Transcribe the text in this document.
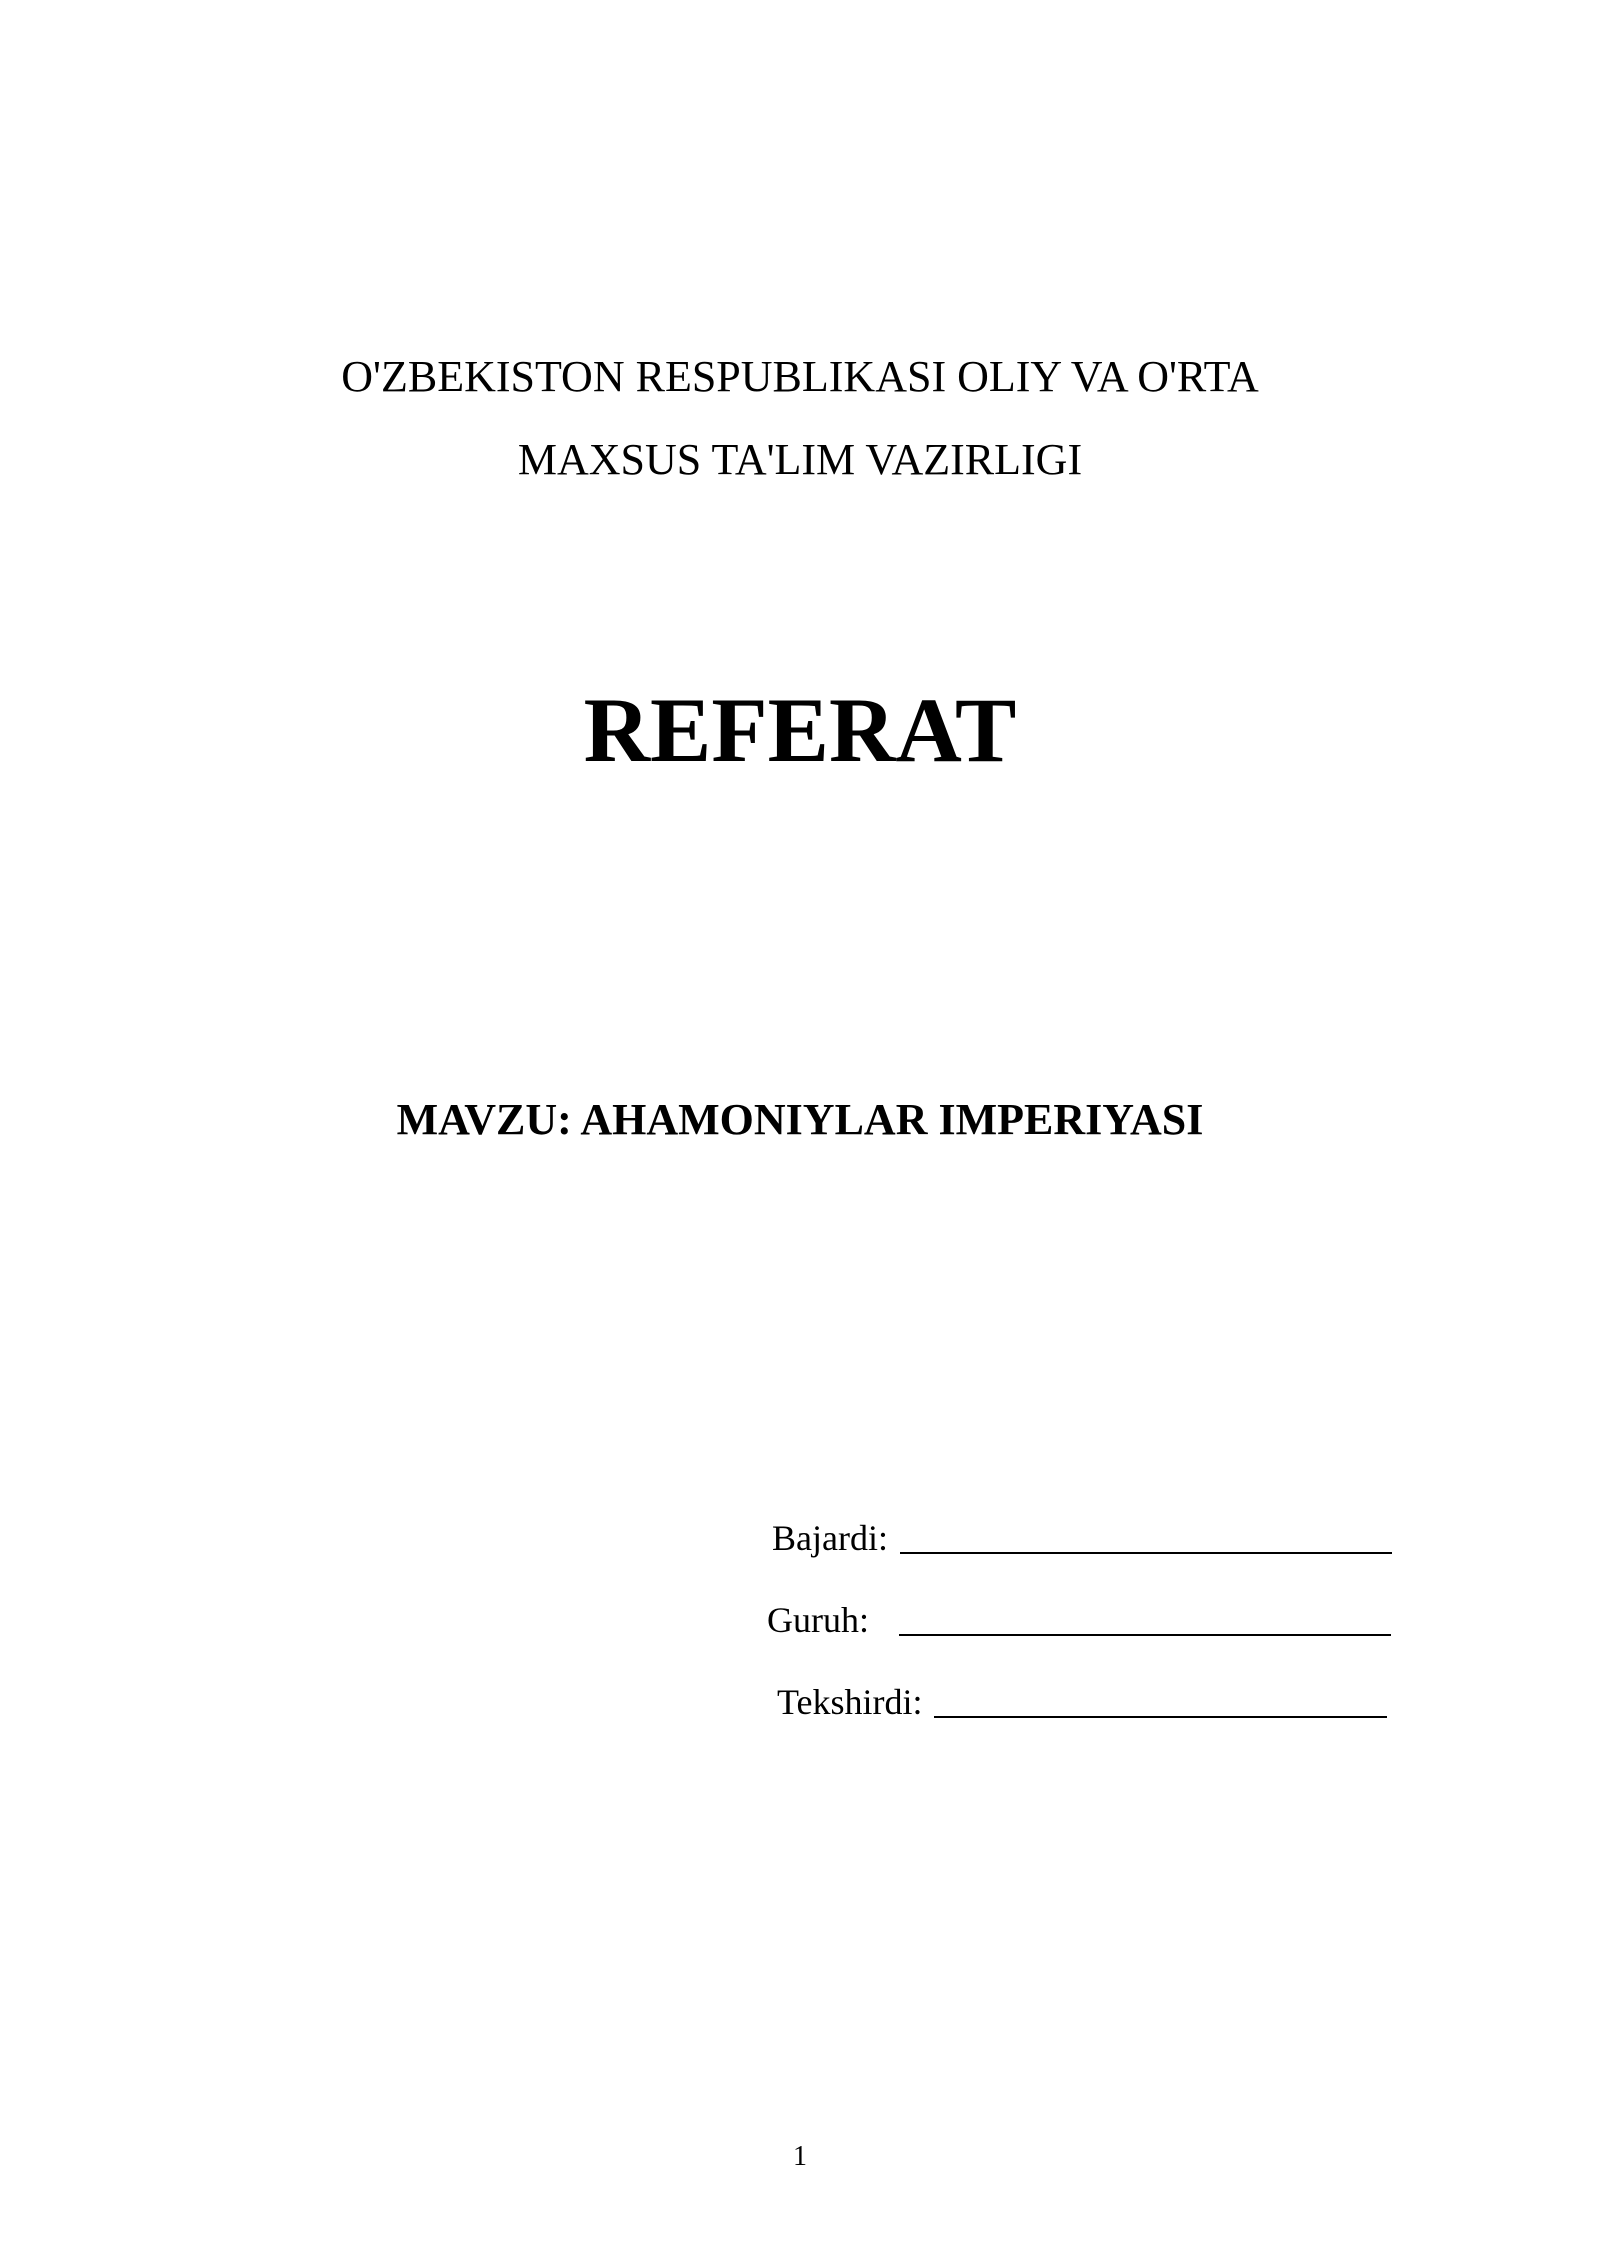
O'ZBEKISTON RESPUBLIKASI OLIY VA O'RTA
MAXSUS TA'LIM VAZIRLIGI
REFERAT
MAVZU: AHAMONIYLAR IMPERIYASI
Bajardi:
Guruh:
Tekshirdi:
1
